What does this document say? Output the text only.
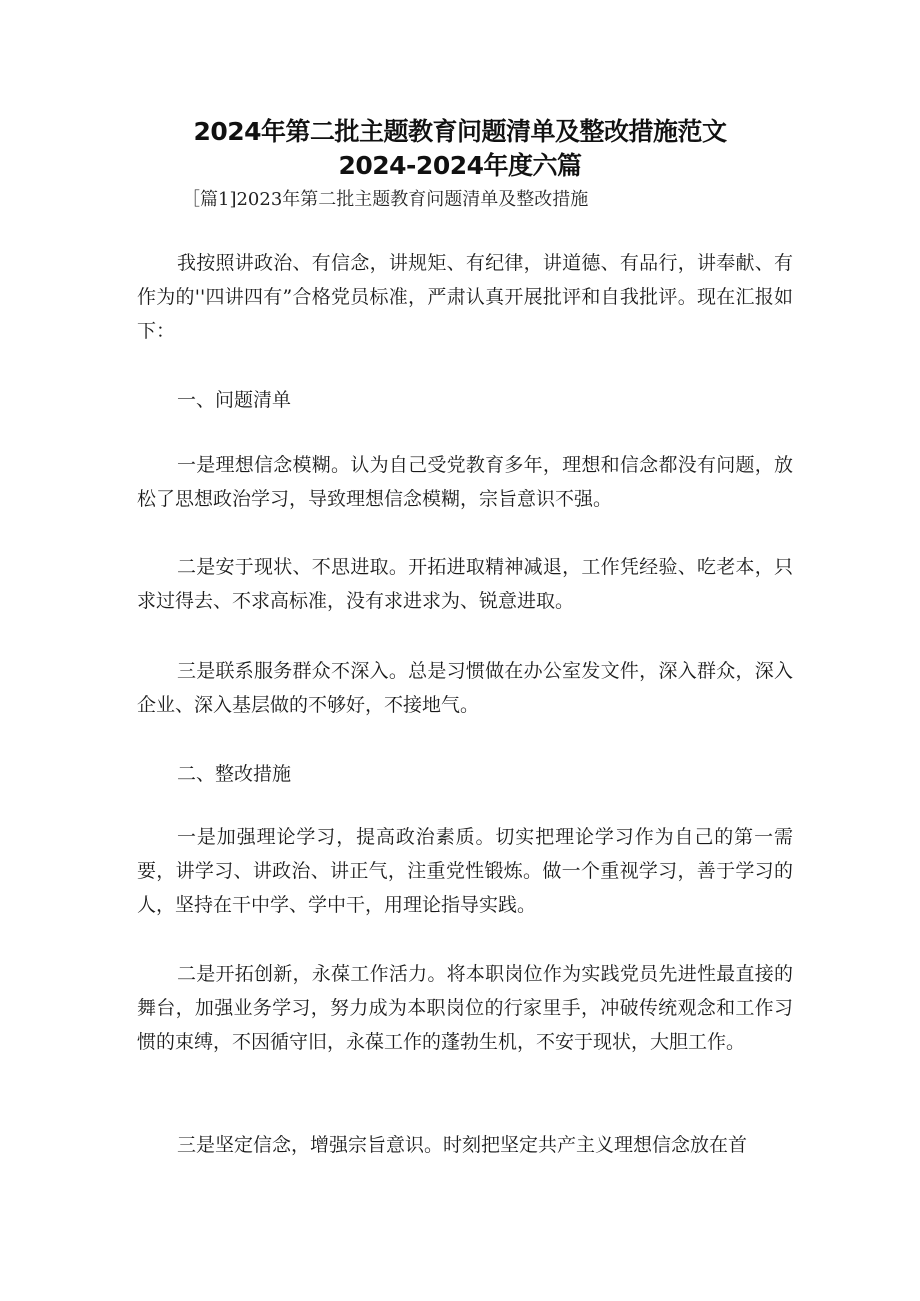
2024年第二批主题教育问题清单及整改措施范文
2024-2024年度六篇
［篇1]2023年第二批主题教育问题清单及整改措施

我按照讲政治、有信念，讲规矩、有纪律，讲道德、有品行，讲奉献、有作为的''四讲四有”合格党员标准，严肃认真开展批评和自我批评。现在汇报如下：

一、问题清单

一是理想信念模糊。认为自己受党教育多年，理想和信念都没有问题，放松了思想政治学习，导致理想信念模糊，宗旨意识不强。

二是安于现状、不思进取。开拓进取精神减退，工作凭经验、吃老本，只求过得去、不求高标准，没有求进求为、锐意进取。

三是联系服务群众不深入。总是习惯做在办公室发文件，深入群众，深入企业、深入基层做的不够好，不接地气。

二、整改措施

一是加强理论学习，提高政治素质。切实把理论学习作为自己的第一需要，讲学习、讲政治、讲正气，注重党性锻炼。做一个重视学习，善于学习的人，坚持在干中学、学中干，用理论指导实践。

二是开拓创新，永葆工作活力。将本职岗位作为实践党员先进性最直接的舞台，加强业务学习，努力成为本职岗位的行家里手，冲破传统观念和工作习惯的束缚，不因循守旧，永葆工作的蓬勃生机，不安于现状，大胆工作。

三是坚定信念，增强宗旨意识。时刻把坚定共产主义理想信念放在首
